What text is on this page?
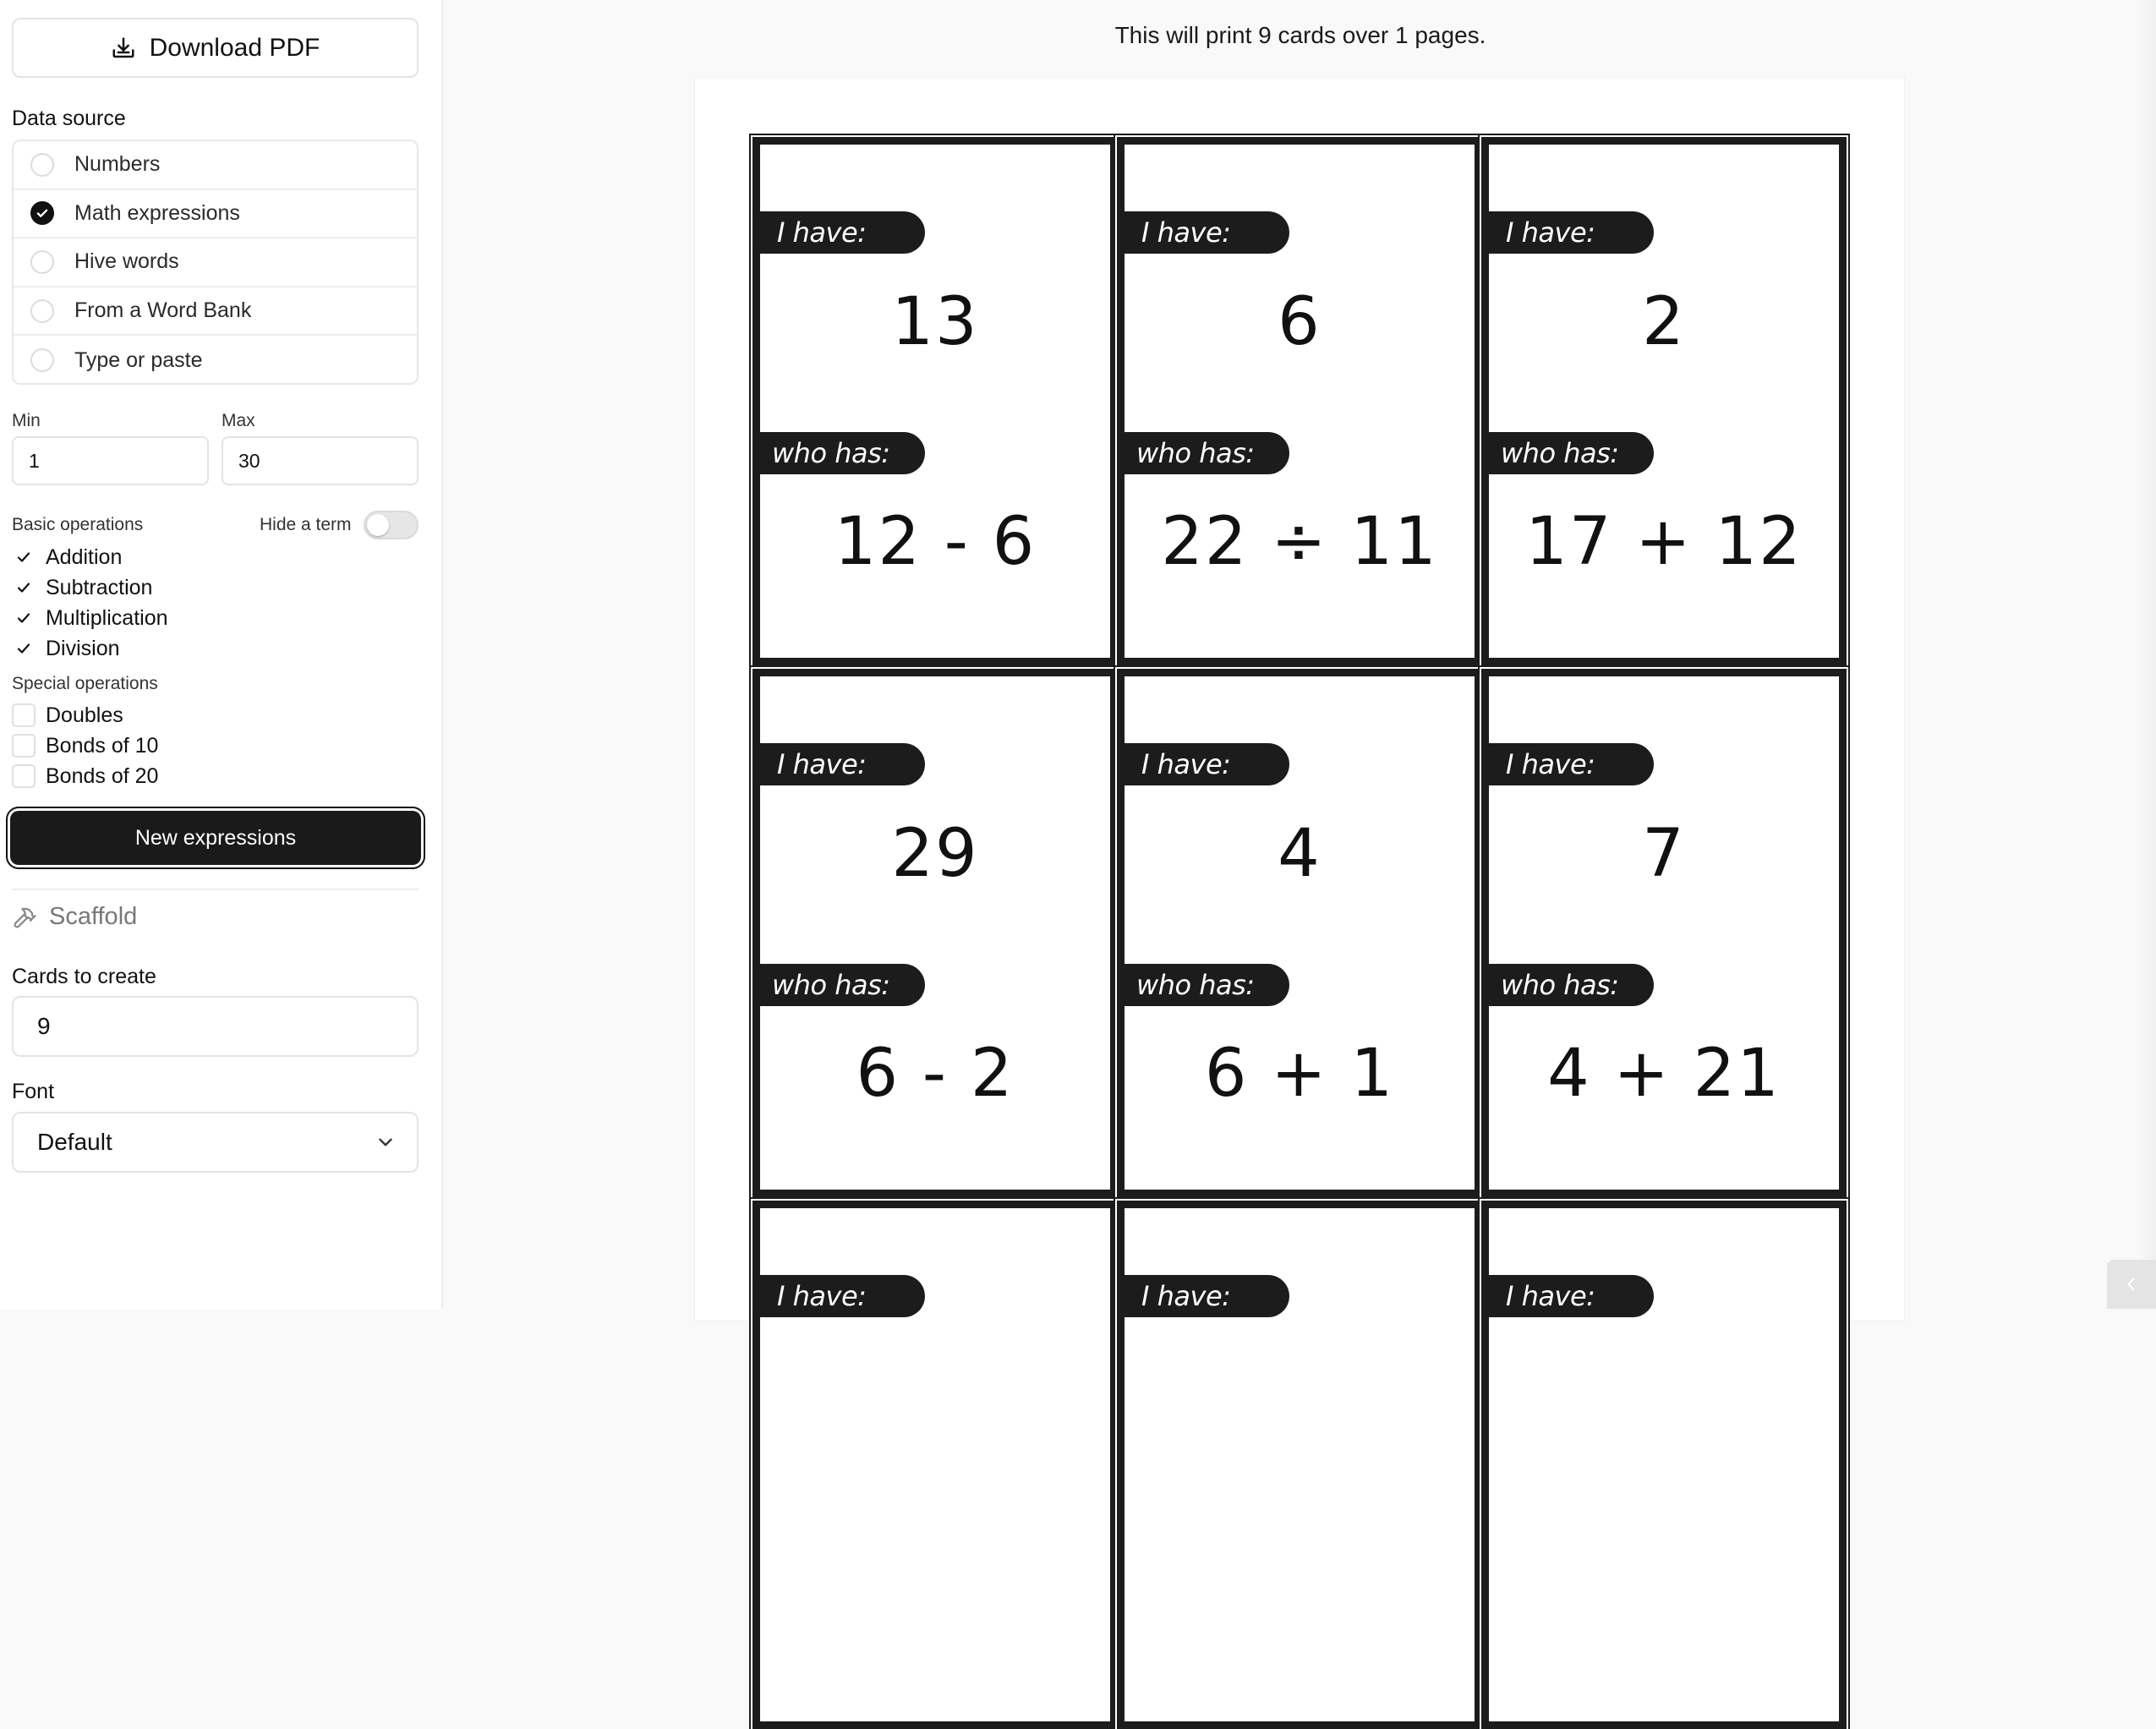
Download PDF
Data source
Numbers
Math expressions
Hive words
From a Word Bank
Type or paste
Min
1
Max
30
Basic operations	Hide a term
Addition
Subtraction
Multiplication
Division
Special operations
Doubles
Bonds of 10
Bonds of 20
New expressions
Scaffold
Cards to create
9
Font
Default
This will print 9 cards over 1 pages.
I have:
13
who has:
12 - 6
I have:
6
who has:
22 ÷ 11
I have:
2
who has:
17 + 12
I have:
29
who has:
6 - 2
I have:
4
who has:
6 + 1
I have:
7
who has:
4 + 21
I have:	I have:	I have:
